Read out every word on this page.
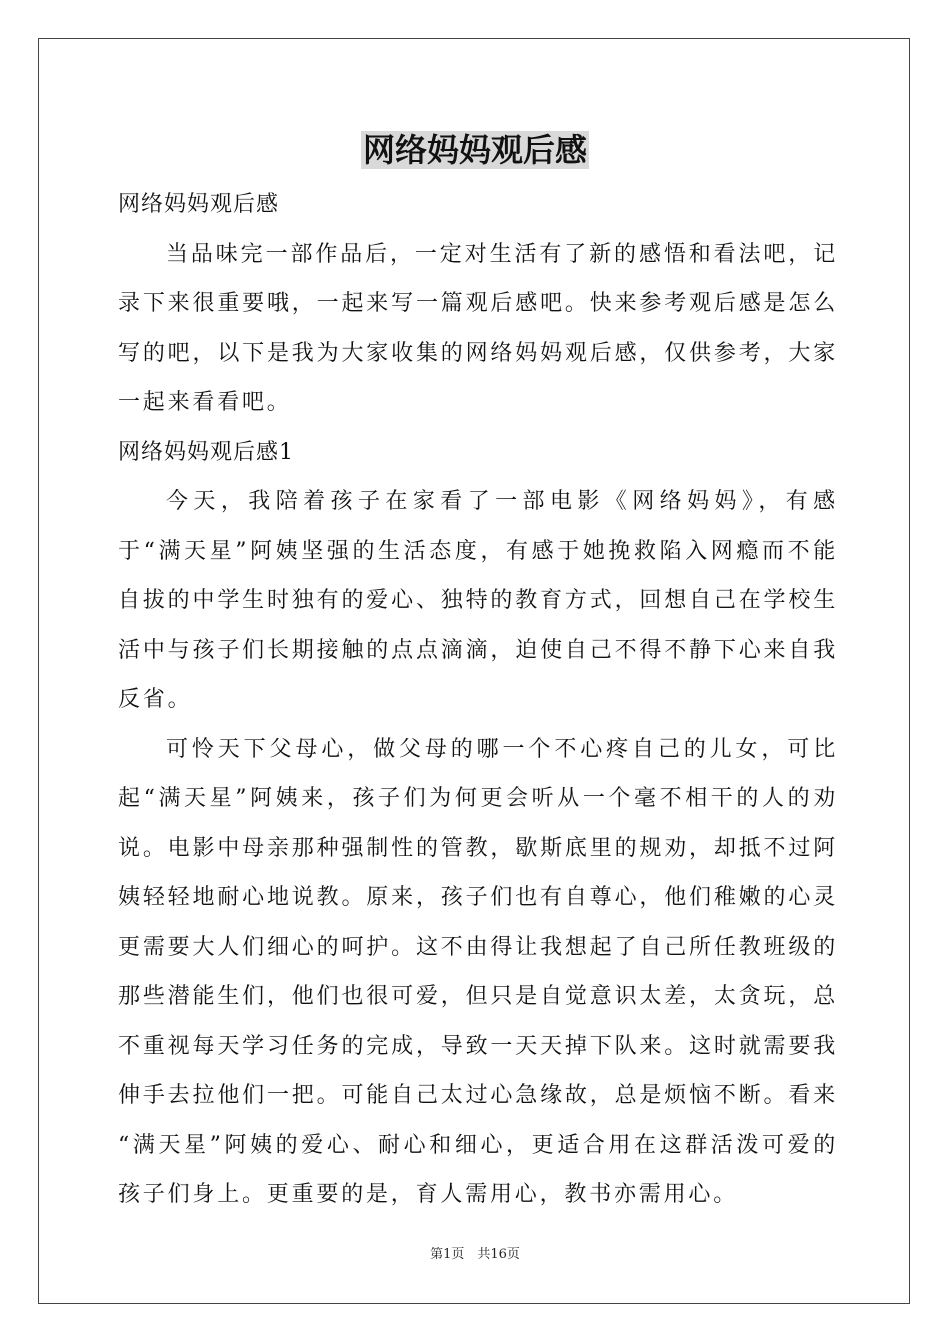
网络妈妈观后感

网络妈妈观后感

当品味完一部作品后，一定对生活有了新的感悟和看法吧，记录下来很重要哦，一起来写一篇观后感吧。快来参考观后感是怎么写的吧，以下是我为大家收集的网络妈妈观后感，仅供参考，大家一起来看看吧。

网络妈妈观后感1

今天，我陪着孩子在家看了一部电影《网络妈妈》，有感于“满天星”阿姨坚强的生活态度，有感于她挽救陷入网瘾而不能自拔的中学生时独有的爱心、独特的教育方式，回想自己在学校生活中与孩子们长期接触的点点滴滴，迫使自己不得不静下心来自我反省。

可怜天下父母心，做父母的哪一个不心疼自己的儿女，可比起“满天星”阿姨来，孩子们为何更会听从一个毫不相干的人的劝说。电影中母亲那种强制性的管教，歇斯底里的规劝，却抵不过阿姨轻轻地耐心地说教。原来，孩子们也有自尊心，他们稚嫩的心灵更需要大人们细心的呵护。这不由得让我想起了自己所任教班级的那些潜能生们，他们也很可爱，但只是自觉意识太差，太贪玩，总不重视每天学习任务的完成，导致一天天掉下队来。这时就需要我伸手去拉他们一把。可能自己太过心急缘故，总是烦恼不断。看来 “满天星”阿姨的爱心、耐心和细心，更适合用在这群活泼可爱的孩子们身上。更重要的是，育人需用心，教书亦需用心。

第1页　共16页
